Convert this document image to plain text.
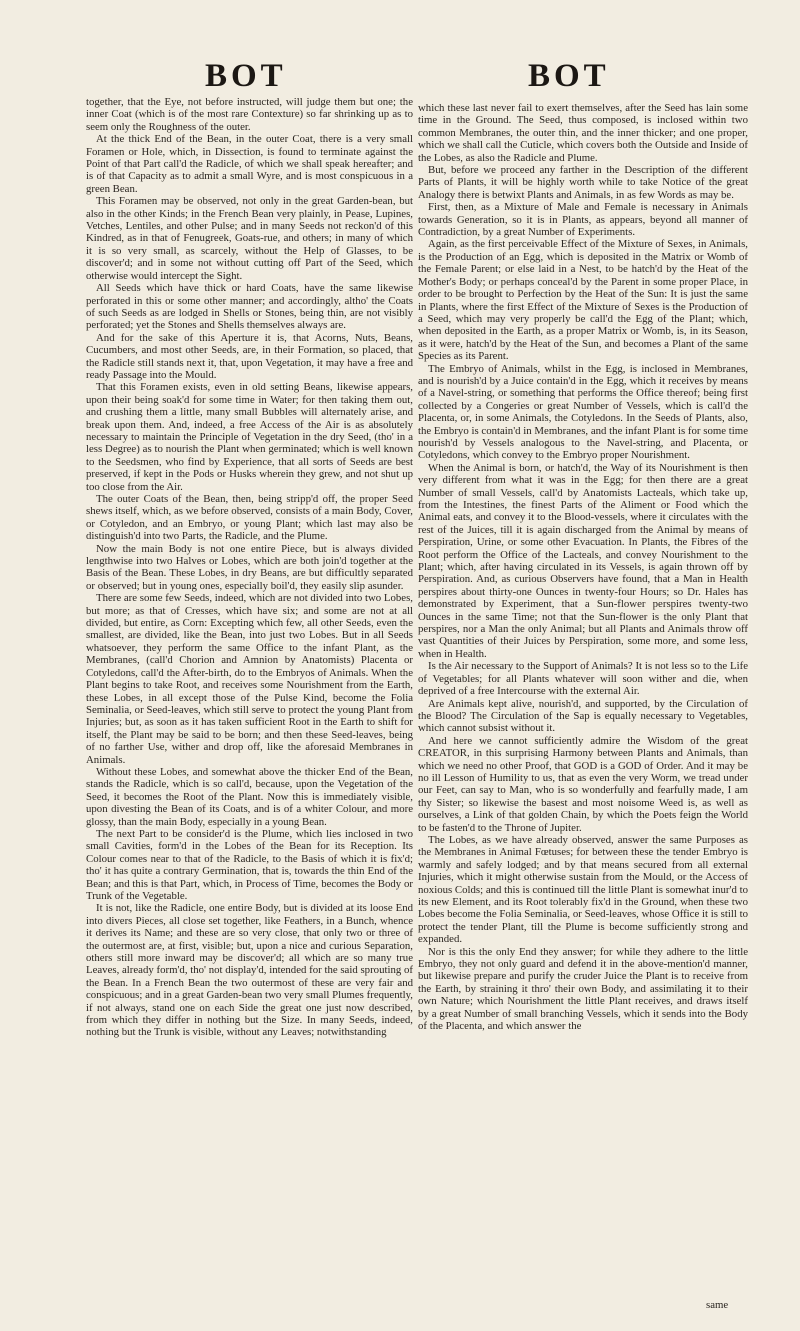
BOT	BOT

together, that the Eye, not before instructed, will judge them but one; the inner Coat (which is of the most rare Contexture) so far shrinking up as to seem only the Roughness of the outer.

At the thick End of the Bean, in the outer Coat, there is a very small Foramen or Hole, which, in Dissection, is found to terminate against the Point of that Part call'd the Radicle, of which we shall speak hereafter; and is of that Capacity as to admit a small Wyre, and is most conspicuous in a green Bean.

This Foramen may be observed, not only in the great Garden-bean, but also in the other Kinds; in the French Bean very plainly, in Pease, Lupines, Vetches, Lentiles, and other Pulse; and in many Seeds not reckon'd of this Kindred, as in that of Fenugreek, Goats-rue, and others; in many of which it is so very small, as scarcely, without the Help of Glasses, to be discover'd; and in some not without cutting off Part of the Seed, which otherwise would intercept the Sight.

All Seeds which have thick or hard Coats, have the same likewise perforated in this or some other manner; and accordingly, altho' the Coats of such Seeds as are lodged in Shells or Stones, being thin, are not visibly perforated; yet the Stones and Shells themselves always are.

And for the sake of this Aperture it is, that Acorns, Nuts, Beans, Cucumbers, and most other Seeds, are, in their Formation, so placed, that the Radicle still stands next it, that, upon Vegetation, it may have a free and ready Passage into the Mould.

That this Foramen exists, even in old setting Beans, likewise appears, upon their being soak'd for some time in Water; for then taking them out, and crushing them a little, many small Bubbles will alternately arise, and break upon them. And, indeed, a free Access of the Air is as absolutely necessary to maintain the Principle of Vegetation in the dry Seed, (tho' in a less Degree) as to nourish the Plant when germinated; which is well known to the Seedsmen, who find by Experience, that all sorts of Seeds are best preserved, if kept in the Pods or Husks wherein they grew, and not shut up too close from the Air.

The outer Coats of the Bean, then, being stripp'd off, the proper Seed shews itself, which, as we before observed, consists of a main Body, Cover, or Cotyledon, and an Embryo, or young Plant; which last may also be distinguish'd into two Parts, the Radicle, and the Plume.

Now the main Body is not one entire Piece, but is always divided lengthwise into two Halves or Lobes, which are both join'd together at the Basis of the Bean. These Lobes, in dry Beans, are but difficultly separated or observed; but in young ones, especially boil'd, they easily slip asunder.

There are some few Seeds, indeed, which are not divided into two Lobes, but more; as that of Cresses, which have six; and some are not at all divided, but entire, as Corn: Excepting which few, all other Seeds, even the smallest, are divided, like the Bean, into just two Lobes. But in all Seeds whatsoever, they perform the same Office to the infant Plant, as the Membranes, (call'd Chorion and Amnion by Anatomists) Placenta or Cotyledons, call'd the After-birth, do to the Embryos of Animals. When the Plant begins to take Root, and receives some Nourishment from the Earth, these Lobes, in all except those of the Pulse Kind, become the Folia Seminalia, or Seed-leaves, which still serve to protect the young Plant from Injuries; but, as soon as it has taken sufficient Root in the Earth to shift for itself, the Plant may be said to be born; and then these Seed-leaves, being of no farther Use, wither and drop off, like the aforesaid Membranes in Animals.

Without these Lobes, and somewhat above the thicker End of the Bean, stands the Radicle, which is so call'd, because, upon the Vegetation of the Seed, it becomes the Root of the Plant. Now this is immediately visible, upon divesting the Bean of its Coats, and is of a whiter Colour, and more glossy, than the main Body, especially in a young Bean.

The next Part to be consider'd is the Plume, which lies inclosed in two small Cavities, form'd in the Lobes of the Bean for its Reception. Its Colour comes near to that of the Radicle, to the Basis of which it is fix'd; tho' it has quite a contrary Germination, that is, towards the thin End of the Bean; and this is that Part, which, in Process of Time, becomes the Body or Trunk of the Vegetable.

It is not, like the Radicle, one entire Body, but is divided at its loose End into divers Pieces, all close set together, like Feathers, in a Bunch, whence it derives its Name; and these are so very close, that only two or three of the outermost are, at first, visible; but, upon a nice and curious Separation, others still more inward may be discover'd; all which are so many true Leaves, already form'd, tho' not display'd, intended for the said sprouting of the Bean. In a French Bean the two outermost of these are very fair and conspicuous; and in a great Garden-bean two very small Plumes frequently, if not always, stand one on each Side the great one just now described, from which they differ in nothing but the Size. In many Seeds, indeed, nothing but the Trunk is visible, without any Leaves; notwithstanding

which these last never fail to exert themselves, after the Seed has lain some time in the Ground. The Seed, thus composed, is inclosed within two common Membranes, the outer thin, and the inner thicker; and one proper, which we shall call the Cuticle, which covers both the Outside and Inside of the Lobes, as also the Radicle and Plume.

But, before we proceed any farther in the Description of the different Parts of Plants, it will be highly worth while to take Notice of the great Analogy there is betwixt Plants and Animals, in as few Words as may be.

First, then, as a Mixture of Male and Female is necessary in Animals towards Generation, so it is in Plants, as appears, beyond all manner of Contradiction, by a great Number of Experiments.

Again, as the first perceivable Effect of the Mixture of Sexes, in Animals, is the Production of an Egg, which is deposited in the Matrix or Womb of the Female Parent; or else laid in a Nest, to be hatch'd by the Heat of the Mother's Body; or perhaps conceal'd by the Parent in some proper Place, in order to be brought to Perfection by the Heat of the Sun: It is just the same in Plants, where the first Effect of the Mixture of Sexes is the Production of a Seed, which may very properly be call'd the Egg of the Plant; which, when deposited in the Earth, as a proper Matrix or Womb, is, in its Season, as it were, hatch'd by the Heat of the Sun, and becomes a Plant of the same Species as its Parent.

The Embryo of Animals, whilst in the Egg, is inclosed in Membranes, and is nourish'd by a Juice contain'd in the Egg, which it receives by means of a Navel-string, or something that performs the Office thereof; being first collected by a Congeries or great Number of Vessels, which is call'd the Placenta, or, in some Animals, the Cotyledons. In the Seeds of Plants, also, the Embryo is contain'd in Membranes, and the infant Plant is for some time nourish'd by Vessels analogous to the Navel-string, and Placenta, or Cotyledons, which convey to the Embryo proper Nourishment.

When the Animal is born, or hatch'd, the Way of its Nourishment is then very different from what it was in the Egg; for then there are a great Number of small Vessels, call'd by Anatomists Lacteals, which take up, from the Intestines, the finest Parts of the Aliment or Food which the Animal eats, and convey it to the Blood-vessels, where it circulates with the rest of the Juices, till it is again discharged from the Animal by means of Perspiration, Urine, or some other Evacuation. In Plants, the Fibres of the Root perform the Office of the Lacteals, and convey Nourishment to the Plant; which, after having circulated in its Vessels, is again thrown off by Perspiration. And, as curious Observers have found, that a Man in Health perspires about thirty-one Ounces in twenty-four Hours; so Dr. Hales has demonstrated by Experiment, that a Sun-flower perspires twenty-two Ounces in the same Time; not that the Sun-flower is the only Plant that perspires, nor a Man the only Animal; but all Plants and Animals throw off vast Quantities of their Juices by Perspiration, some more, and some less, when in Health.

Is the Air necessary to the Support of Animals? It is not less so to the Life of Vegetables; for all Plants whatever will soon wither and die, when deprived of a free Intercourse with the external Air.

Are Animals kept alive, nourish'd, and supported, by the Circulation of the Blood? The Circulation of the Sap is equally necessary to Vegetables, which cannot subsist without it.

And here we cannot sufficiently admire the Wisdom of the great CREATOR, in this surprising Harmony between Plants and Animals, than which we need no other Proof, that GOD is a GOD of Order. And it may be no ill Lesson of Humility to us, that as even the very Worm, we tread under our Feet, can say to Man, who is so wonderfully and fearfully made, I am thy Sister; so likewise the basest and most noisome Weed is, as well as ourselves, a Link of that golden Chain, by which the Poets feign the World to be fasten'd to the Throne of Jupiter.

The Lobes, as we have already observed, answer the same Purposes as the Membranes in Animal Fœtuses; for between these the tender Embryo is warmly and safely lodged; and by that means secured from all external Injuries, which it might otherwise sustain from the Mould, or the Access of noxious Colds; and this is continued till the little Plant is somewhat inur'd to its new Element, and its Root tolerably fix'd in the Ground, when these two Lobes become the Folia Seminalia, or Seed-leaves, whose Office it is still to protect the tender Plant, till the Plume is become sufficiently strong and expanded.

Nor is this the only End they answer; for while they adhere to the little Embryo, they not only guard and defend it in the above-mention'd manner, but likewise prepare and purify the cruder Juice the Plant is to receive from the Earth, by straining it thro' their own Body, and assimilating it to their own Nature; which Nourishment the little Plant receives, and draws itself by a great Number of small branching Vessels, which it sends into the Body of the Placenta, and which answer the

same
